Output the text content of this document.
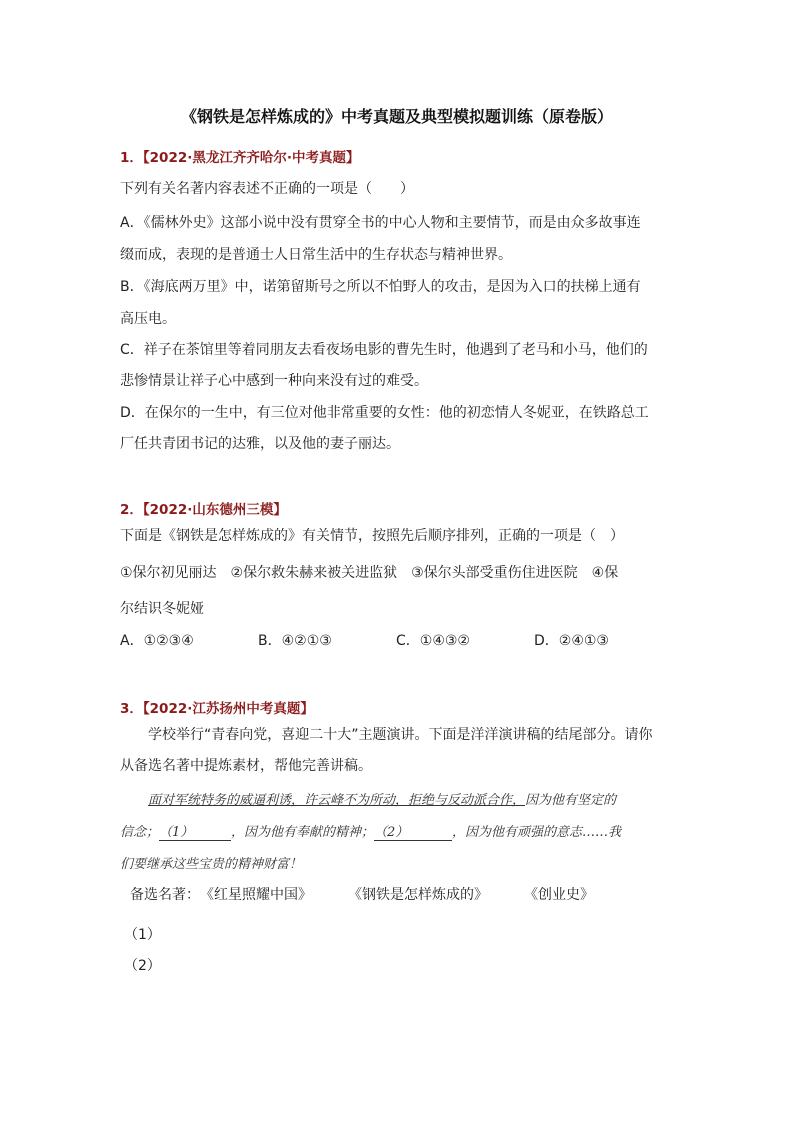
《钢铁是怎样炼成的》中考真题及典型模拟题训练（原卷版）
1．【2022·黑龙江齐齐哈尔·中考真题】
下列有关名著内容表述不正确的一项是（　　）
A．《儒林外史》这部小说中没有贯穿全书的中心人物和主要情节，而是由众多故事连
缀而成，表现的是普通士人日常生活中的生存状态与精神世界。
B．《海底两万里》中，诺第留斯号之所以不怕野人的攻击，是因为入口的扶梯上通有
高压电。
C．祥子在茶馆里等着同朋友去看夜场电影的曹先生时，他遇到了老马和小马，他们的
悲惨情景让祥子心中感到一种向来没有过的难受。
D．在保尔的一生中，有三位对他非常重要的女性：他的初恋情人冬妮亚，在铁路总工
厂任共青团书记的达雅，以及他的妻子丽达。
2．【2022·山东德州三模】
下面是《钢铁是怎样炼成的》有关情节，按照先后顺序排列，正确的一项是（　）
①保尔初见丽达　②保尔救朱赫来被关进监狱　③保尔头部受重伤住进医院　④保
尔结识冬妮娅
A．①②③④	B．④②①③	C．①④③②	D．②④①③
3．【2022·江苏扬州中考真题】
学校举行“青春向党，喜迎二十大”主题演讲。下面是洋洋演讲稿的结尾部分。请你
从备选名著中提炼素材，帮他完善讲稿。
面对军统特务的威逼利诱，许云峰不为所动，拒绝与反动派合作，因为他有坚定的
信念；（1）	，因为他有奉献的精神；（2）	，因为他有顽强的意志……我
们要继承这些宝贵的精神财富！
备选名著：《红星照耀中国》	《钢铁是怎样炼成的》	《创业史》
（1）
（2）
